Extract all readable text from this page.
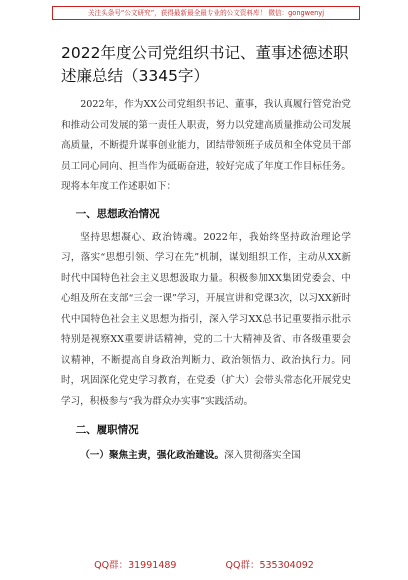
关注头条号“公文研究”，获得最新最全最专业的公文资料库！ 微信：gongwenyj
2022年度公司党组织书记、董事述德述职述廉总结（3345字）

2022年，作为XX公司党组织书记、董事，我认真履行管党治党和推动公司发展的第一责任人职责，努力以党建高质量推动公司发展高质量，不断提升谋事创业能力，团结带领班子成员和全体党员干部员工同心同向、担当作为砥砺奋进，较好完成了年度工作目标任务。现将本年度工作述职如下：

一、思想政治情况

坚持思想凝心、政治铸魂。2022年，我始终坚持政治理论学习，落实“思想引领、学习在先”机制，谋划组织工作，主动从XX新时代中国特色社会主义思想汲取力量。积极参加XX集团党委会、中心组及所在支部“三会一课”学习，开展宣讲和党课3次，以习XX新时代中国特色社会主义思想为指引，深入学习XX总书记重要指示批示特别是视察XX重要讲话精神，党的二十大精神及省、市各级重要会议精神，不断提高自身政治判断力、政治领悟力、政治执行力。同时，巩固深化党史学习教育，在党委（扩大）会带头常态化开展党史学习，积极参与“我为群众办实事”实践活动。

二、履职情况

（一）聚焦主责，强化政治建设。深入贯彻落实全国

QQ群：31991489	QQ群：535304092
